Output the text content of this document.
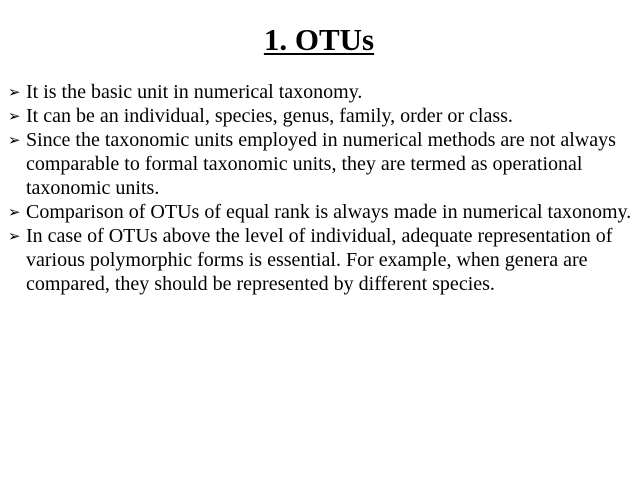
1. OTUs
➢ It is the basic unit in numerical taxonomy.
➢ It can be an individual, species, genus, family, order or class.
➢ Since the taxonomic units employed in numerical methods are not always comparable to formal taxonomic units, they are termed as operational taxonomic units.
➢ Comparison of OTUs of equal rank is always made in numerical taxonomy.
➢ In case of OTUs above the level of individual, adequate representation of various polymorphic forms is essential. For example, when genera are compared, they should be represented by different species.
